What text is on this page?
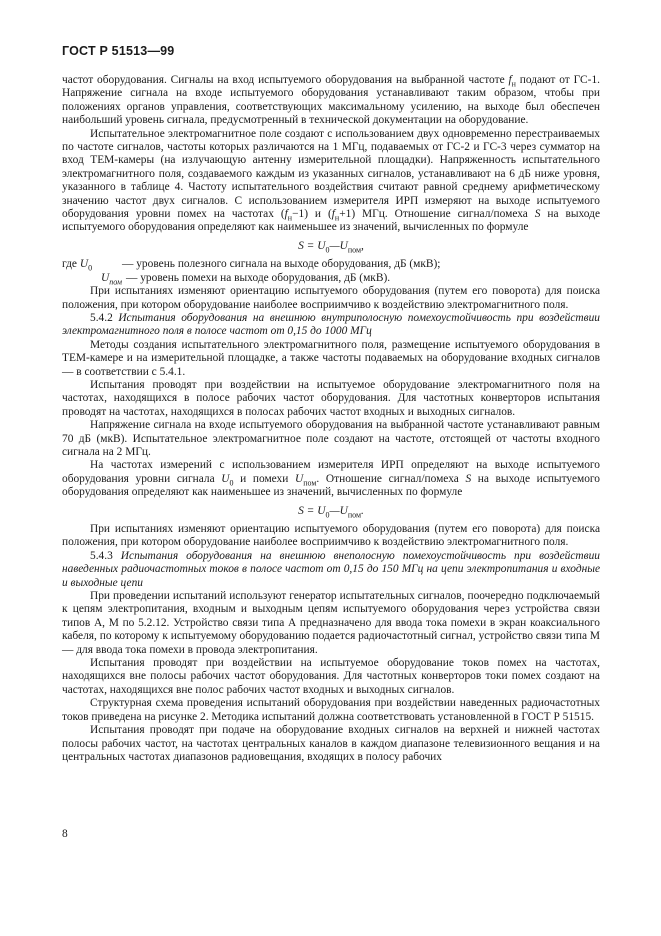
ГОСТ Р 51513—99

частот оборудования. Сигналы на вход испытуемого оборудования на выбранной частоте $f_н$ подают от ГС-1. Напряжение сигнала на входе испытуемого оборудования устанавливают таким образом, чтобы при положениях органов управления, соответствующих максимальному усилению, на выходе был обеспечен наибольший уровень сигнала, предусмотренный в технической документации на оборудование.

Испытательное электромагнитное поле создают с использованием двух одновременно перестраиваемых по частоте сигналов, частоты которых различаются на 1 МГц, подаваемых от ГС-2 и ГС-3 через сумматор на вход ТЕМ-камеры (на излучающую антенну измерительной площадки). Напряженность испытательного электромагнитного поля, создаваемого каждым из указанных сигналов, устанавливают на 6 дБ ниже уровня, указанного в таблице 4. Частоту испытательного воздействия считают равной среднему арифметическому значению частот двух сигналов. С использованием измерителя ИРП измеряют на выходе испытуемого оборудования уровни помех на частотах $(f_н-1)$ и $(f_н+1)$ МГц. Отношение сигнал/помеха S на выходе испытуемого оборудования определяют как наименьшее из значений, вычисленных по формуле

$S = U_0—U_{пом}$,
где $U_0$	— уровень полезного сигнала на выходе оборудования, дБ (мкВ);
$U_{пом}$ — уровень помехи на выходе оборудования, дБ (мкВ).

При испытаниях изменяют ориентацию испытуемого оборудования (путем его поворота) для поиска положения, при котором оборудование наиболее восприимчиво к воздействию электромагнитного поля.

5.4.2 Испытания оборудования на внешнюю внутриполосную помехоустойчивость при воздействии электромагнитного поля в полосе частот от 0,15 до 1000 МГц

Методы создания испытательного электромагнитного поля, размещение испытуемого оборудования в ТЕМ-камере и на измерительной площадке, а также частоты подаваемых на оборудование входных сигналов — в соответствии с 5.4.1.

Испытания проводят при воздействии на испытуемое оборудование электромагнитного поля на частотах, находящихся в полосе рабочих частот оборудования. Для частотных конверторов испытания проводят на частотах, находящихся в полосах рабочих частот входных и выходных сигналов.

Напряжение сигнала на входе испытуемого оборудования на выбранной частоте устанавливают равным 70 дБ (мкВ). Испытательное электромагнитное поле создают на частоте, отстоящей от частоты входного сигнала на 2 МГц.

На частотах измерений с использованием измерителя ИРП определяют на выходе испытуемого оборудования уровни сигнала $U_0$ и помехи $U_{пом}$. Отношение сигнал/помеха S на выходе испытуемого оборудования определяют как наименьшее из значений, вычисленных по формуле

$S = U_0—U_{пом}$.

При испытаниях изменяют ориентацию испытуемого оборудования (путем его поворота) для поиска положения, при котором оборудование наиболее восприимчиво к воздействию электромагнитного поля.

5.4.3 Испытания оборудования на внешнюю внеполосную помехоустойчивость при воздействии наведенных радиочастотных токов в полосе частот от 0,15 до 150 МГц на цепи электропитания и входные и выходные цепи

При проведении испытаний используют генератор испытательных сигналов, поочередно подключаемый к цепям электропитания, входным и выходным цепям испытуемого оборудования через устройства связи типов А, М по 5.2.12. Устройство связи типа А предназначено для ввода тока помехи в экран коаксиального кабеля, по которому к испытуемому оборудованию подается радиочастотный сигнал, устройство связи типа М — для ввода тока помехи в провода электропитания.

Испытания проводят при воздействии на испытуемое оборудование токов помех на частотах, находящихся вне полосы рабочих частот оборудования. Для частотных конверторов токи помех создают на частотах, находящихся вне полос рабочих частот входных и выходных сигналов.

Структурная схема проведения испытаний оборудования при воздействии наведенных радиочастотных токов приведена на рисунке 2. Методика испытаний должна соответствовать установленной в ГОСТ Р 51515.

Испытания проводят при подаче на оборудование входных сигналов на верхней и нижней частотах полосы рабочих частот, на частотах центральных каналов в каждом диапазоне телевизионного вещания и на центральных частотах диапазонов радиовещания, входящих в полосу рабочих

8
